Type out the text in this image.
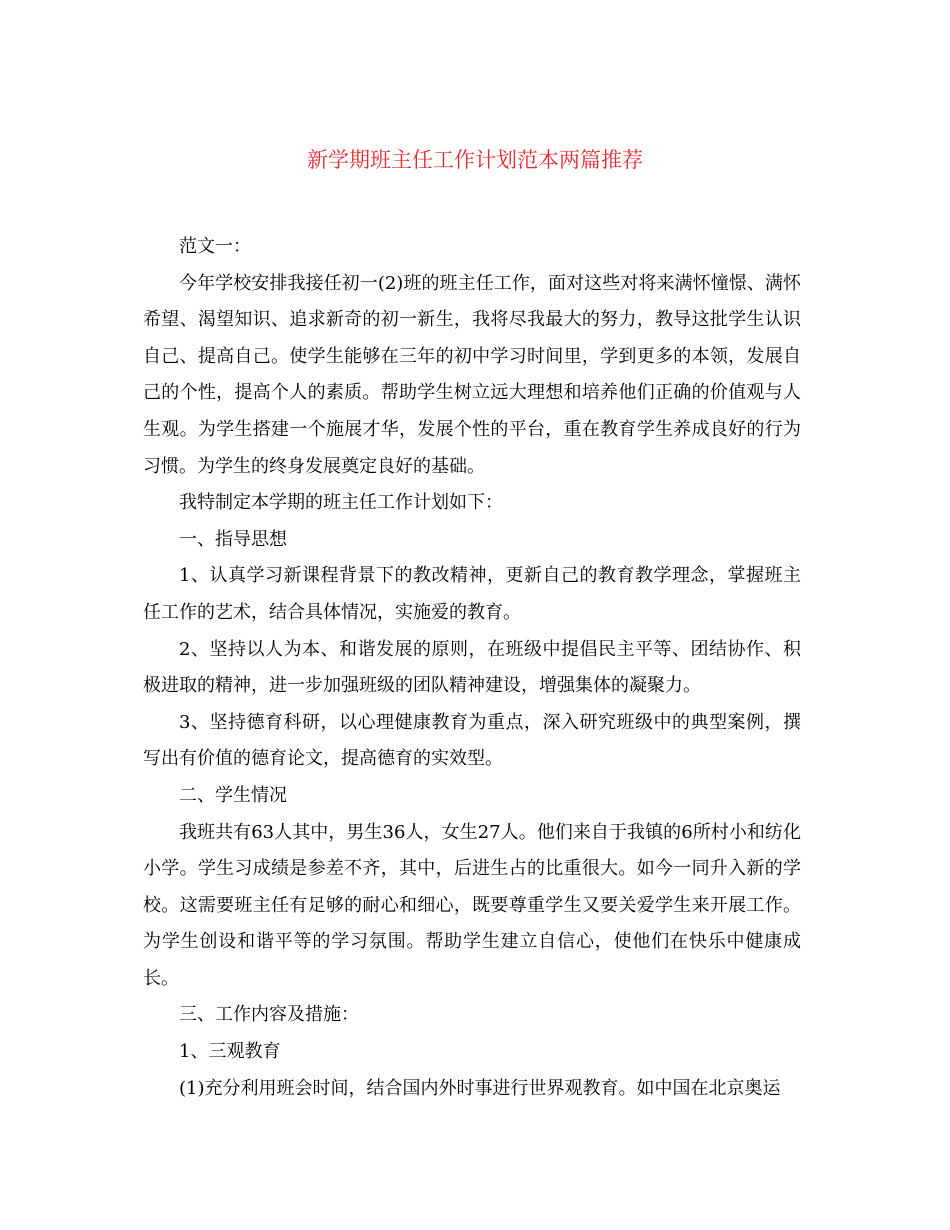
新学期班主任工作计划范本两篇推荐

范文一：

今年学校安排我接任初一(2)班的班主任工作，面对这些对将来满怀憧憬、满怀希望、渴望知识、追求新奇的初一新生，我将尽我最大的努力，教导这批学生认识自己、提高自己。使学生能够在三年的初中学习时间里，学到更多的本领，发展自己的个性，提高个人的素质。帮助学生树立远大理想和培养他们正确的价值观与人生观。为学生搭建一个施展才华，发展个性的平台，重在教育学生养成良好的行为习惯。为学生的终身发展奠定良好的基础。

我特制定本学期的班主任工作计划如下：

一、指导思想

1、认真学习新课程背景下的教改精神，更新自己的教育教学理念，掌握班主任工作的艺术，结合具体情况，实施爱的教育。

2、坚持以人为本、和谐发展的原则，在班级中提倡民主平等、团结协作、积极进取的精神，进一步加强班级的团队精神建设，增强集体的凝聚力。

3、坚持德育科研，以心理健康教育为重点，深入研究班级中的典型案例，撰写出有价值的德育论文，提高德育的实效型。

二、学生情况

我班共有63人其中，男生36人，女生27人。他们来自于我镇的6所村小和纺化小学。学生习成绩是参差不齐，其中，后进生占的比重很大。如今一同升入新的学校。这需要班主任有足够的耐心和细心，既要尊重学生又要关爱学生来开展工作。为学生创设和谐平等的学习氛围。帮助学生建立自信心，使他们在快乐中健康成长。

三、工作内容及措施：

1、三观教育

(1)充分利用班会时间，结合国内外时事进行世界观教育。如中国在北京奥运
